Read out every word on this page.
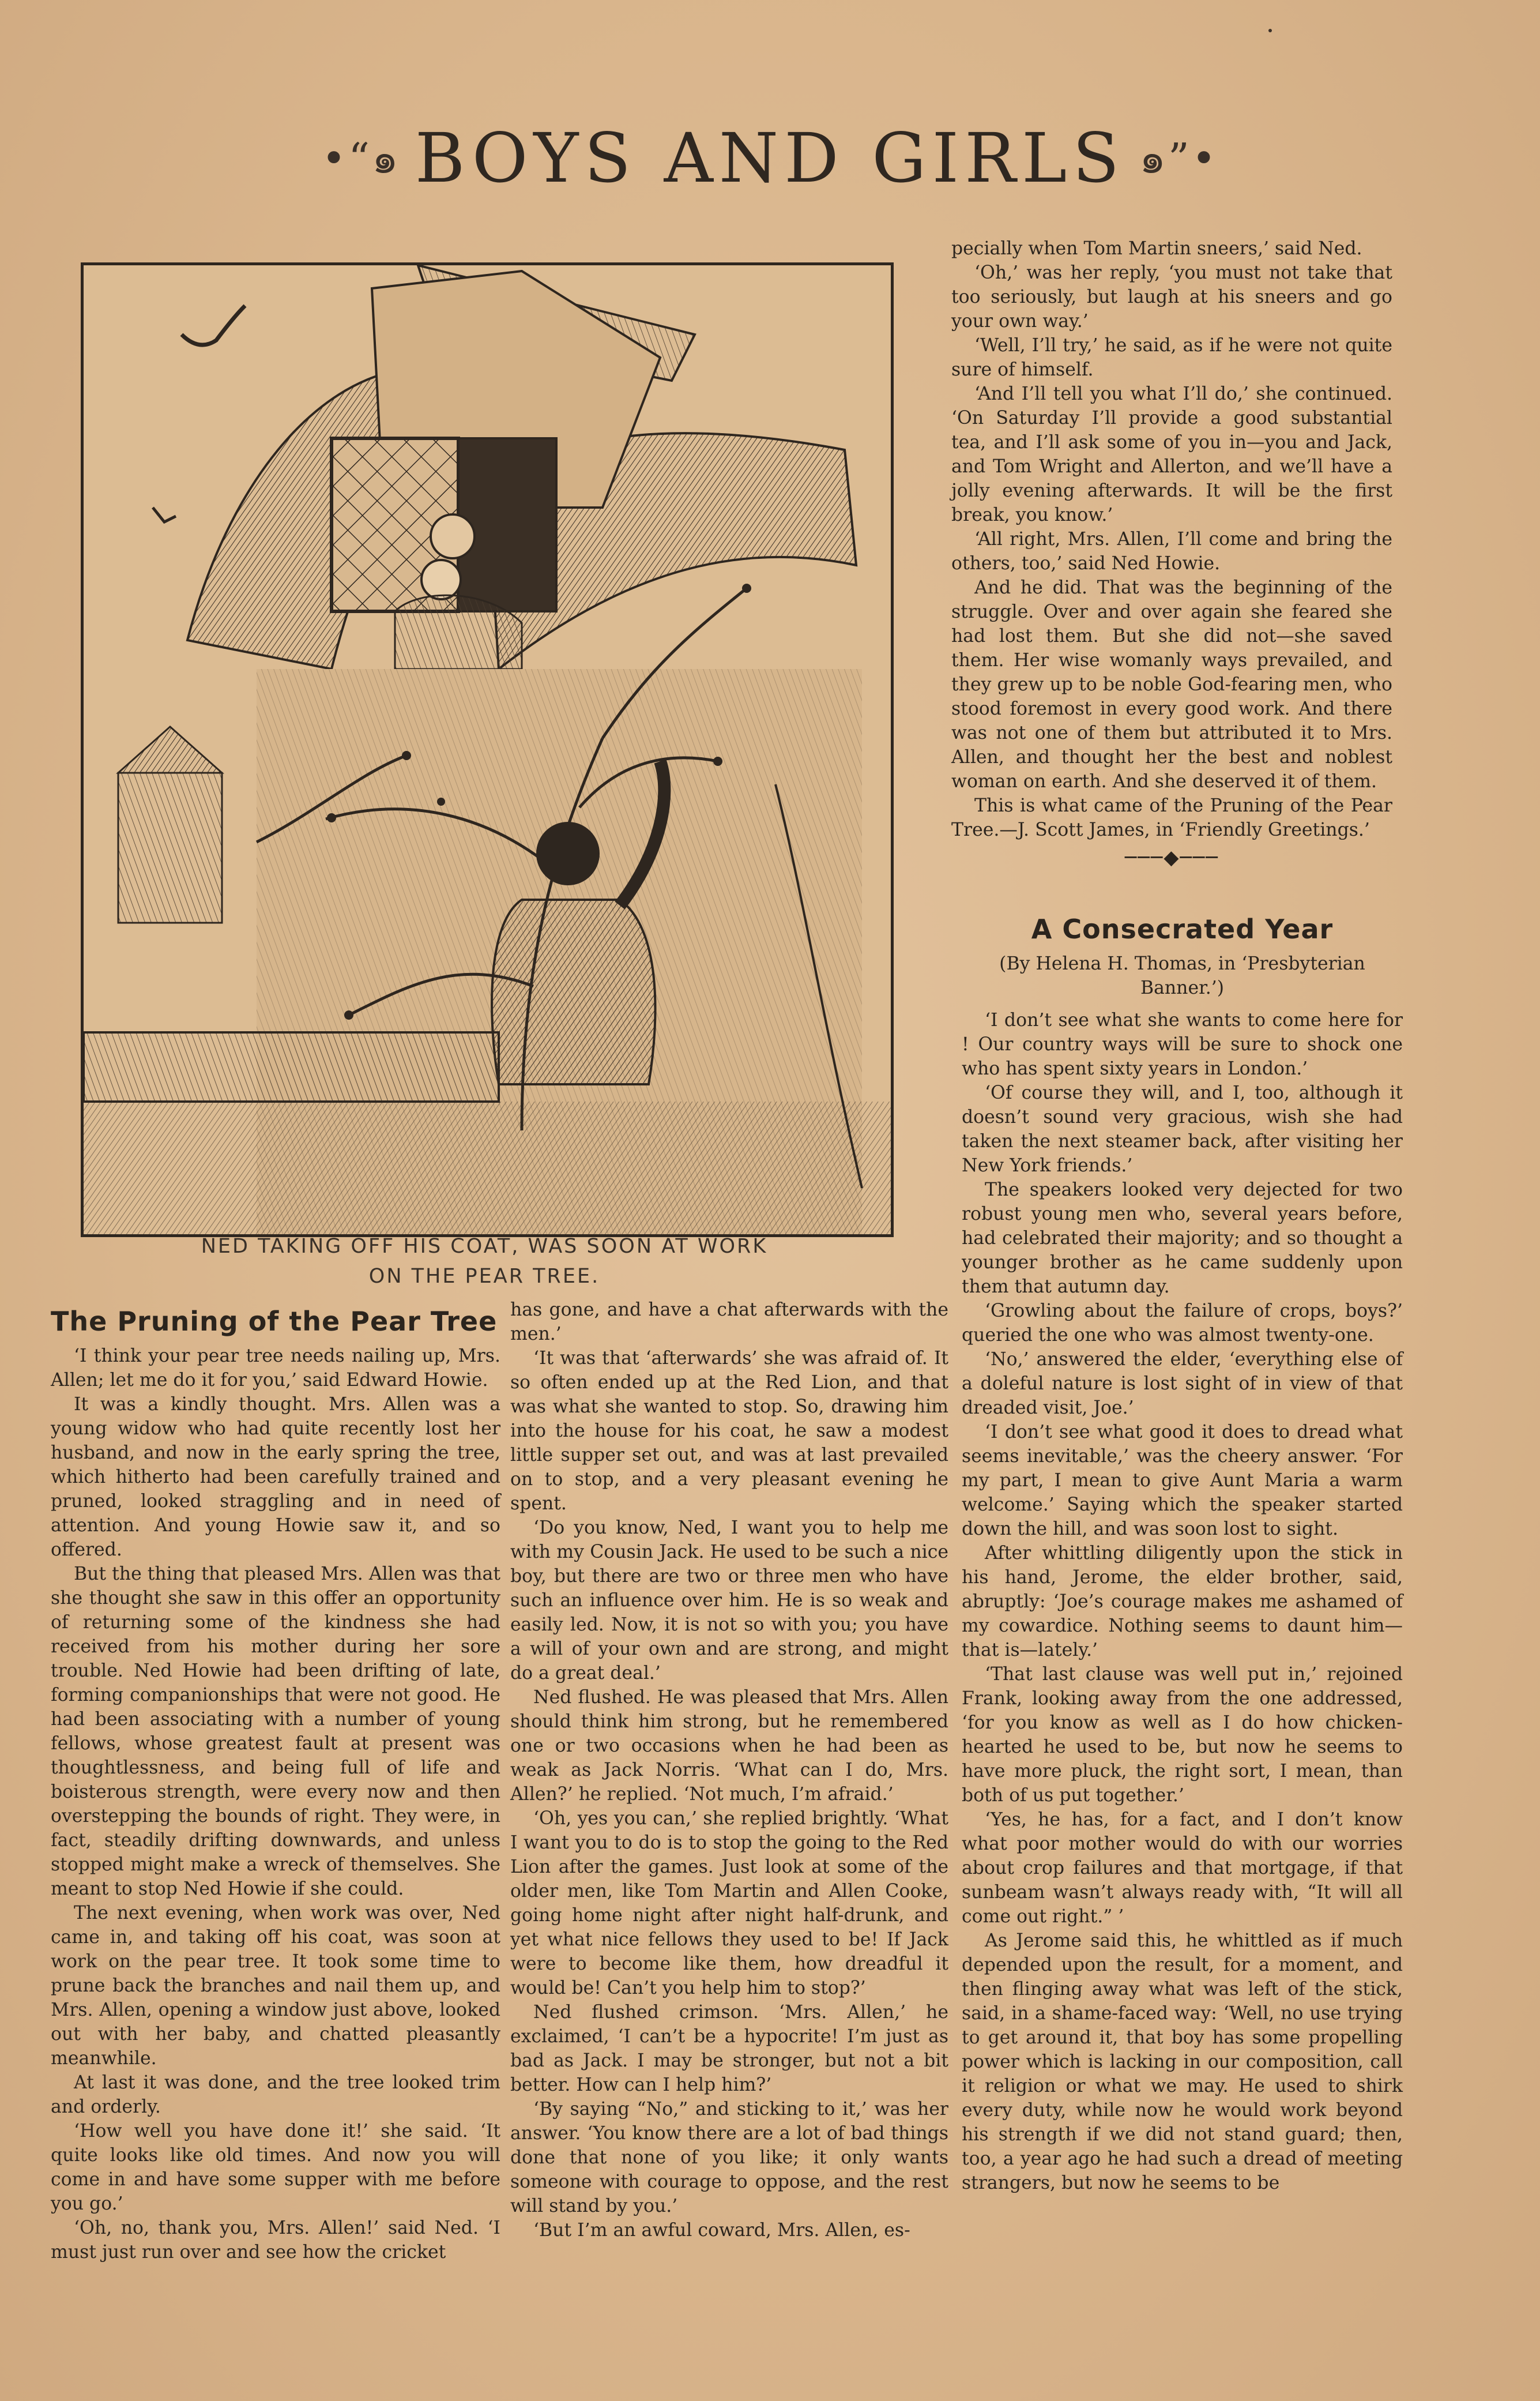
•“๑ BOYS AND GIRLS ๑”•
NED TAKING OFF HIS COAT, WAS SOON AT WORK
ON THE PEAR TREE.
The Pruning of the Pear Tree

‘I think your pear tree needs nailing up, Mrs. Allen; let me do it for you,’ said Edward Howie.

It was a kindly thought. Mrs. Allen was a young widow who had quite recently lost her husband, and now in the early spring the tree, which hitherto had been carefully trained and pruned, looked straggling and in need of attention. And young Howie saw it, and so offered.

But the thing that pleased Mrs. Allen was that she thought she saw in this offer an opportunity of returning some of the kindness she had received from his mother during her sore trouble. Ned Howie had been drifting of late, forming companionships that were not good. He had been associating with a number of young fellows, whose greatest fault at present was thoughtlessness, and being full of life and boisterous strength, were every now and then overstepping the bounds of right. They were, in fact, steadily drifting downwards, and unless stopped might make a wreck of themselves. She meant to stop Ned Howie if she could.

The next evening, when work was over, Ned came in, and taking off his coat, was soon at work on the pear tree. It took some time to prune back the branches and nail them up, and Mrs. Allen, opening a window just above, looked out with her baby, and chatted pleasantly meanwhile.

At last it was done, and the tree looked trim and orderly.

‘How well you have done it!’ she said. ‘It quite looks like old times. And now you will come in and have some supper with me before you go.’

‘Oh, no, thank you, Mrs. Allen!’ said Ned. ‘I must just run over and see how the cricket

has gone, and have a chat afterwards with the men.’

‘It was that ‘afterwards’ she was afraid of. It so often ended up at the Red Lion, and that was what she wanted to stop. So, drawing him into the house for his coat, he saw a modest little supper set out, and was at last prevailed on to stop, and a very pleasant evening he spent.

‘Do you know, Ned, I want you to help me with my Cousin Jack. He used to be such a nice boy, but there are two or three men who have such an influence over him. He is so weak and easily led. Now, it is not so with you; you have a will of your own and are strong, and might do a great deal.’

Ned flushed. He was pleased that Mrs. Allen should think him strong, but he remembered one or two occasions when he had been as weak as Jack Norris. ‘What can I do, Mrs. Allen?’ he replied. ‘Not much, I’m afraid.’

‘Oh, yes you can,’ she replied brightly. ‘What I want you to do is to stop the going to the Red Lion after the games. Just look at some of the older men, like Tom Martin and Allen Cooke, going home night after night half-drunk, and yet what nice fellows they used to be! If Jack were to become like them, how dreadful it would be! Can’t you help him to stop?’

Ned flushed crimson. ‘Mrs. Allen,’ he exclaimed, ‘I can’t be a hypocrite! I’m just as bad as Jack. I may be stronger, but not a bit better. How can I help him?’

‘By saying “No,” and sticking to it,’ was her answer. ‘You know there are a lot of bad things done that none of you like; it only wants someone with courage to oppose, and the rest will stand by you.’

‘But I’m an awful coward, Mrs. Allen, es-

pecially when Tom Martin sneers,’ said Ned.

‘Oh,’ was her reply, ‘you must not take that too seriously, but laugh at his sneers and go your own way.’

‘Well, I’ll try,’ he said, as if he were not quite sure of himself.

‘And I’ll tell you what I’ll do,’ she continued. ‘On Saturday I’ll provide a good substantial tea, and I’ll ask some of you in—you and Jack, and Tom Wright and Allerton, and we’ll have a jolly evening afterwards. It will be the first break, you know.’

‘All right, Mrs. Allen, I’ll come and bring the others, too,’ said Ned Howie.

And he did. That was the beginning of the struggle. Over and over again she feared she had lost them. But she did not—she saved them. Her wise womanly ways prevailed, and they grew up to be noble God-fearing men, who stood foremost in every good work. And there was not one of them but attributed it to Mrs. Allen, and thought her the best and noblest woman on earth. And she deserved it of them.

This is what came of the Pruning of the Pear Tree.—J. Scott James, in ‘Friendly Greetings.’

───◆───
A Consecrated Year

(By Helena H. Thomas, in ‘Presbyterian Banner.’)

‘I don’t see what she wants to come here for ! Our country ways will be sure to shock one who has spent sixty years in London.’

‘Of course they will, and I, too, although it doesn’t sound very gracious, wish she had taken the next steamer back, after visiting her New York friends.’

The speakers looked very dejected for two robust young men who, several years before, had celebrated their majority; and so thought a younger brother as he came suddenly upon them that autumn day.

‘Growling about the failure of crops, boys?’ queried the one who was almost twenty-one.

‘No,’ answered the elder, ‘everything else of a doleful nature is lost sight of in view of that dreaded visit, Joe.’

‘I don’t see what good it does to dread what seems inevitable,’ was the cheery answer. ‘For my part, I mean to give Aunt Maria a warm welcome.’ Saying which the speaker started down the hill, and was soon lost to sight.

After whittling diligently upon the stick in his hand, Jerome, the elder brother, said, abruptly: ‘Joe’s courage makes me ashamed of my cowardice. Nothing seems to daunt him—that is—lately.’

‘That last clause was well put in,’ rejoined Frank, looking away from the one addressed, ‘for you know as well as I do how chicken-hearted he used to be, but now he seems to have more pluck, the right sort, I mean, than both of us put together.’

‘Yes, he has, for a fact, and I don’t know what poor mother would do with our worries about crop failures and that mortgage, if that sunbeam wasn’t always ready with, “It will all come out right.” ’

As Jerome said this, he whittled as if much depended upon the result, for a moment, and then flinging away what was left of the stick, said, in a shame-faced way: ‘Well, no use trying to get around it, that boy has some propelling power which is lacking in our composition, call it religion or what we may. He used to shirk every duty, while now he would work beyond his strength if we did not stand guard; then, too, a year ago he had such a dread of meeting strangers, but now he seems to be
